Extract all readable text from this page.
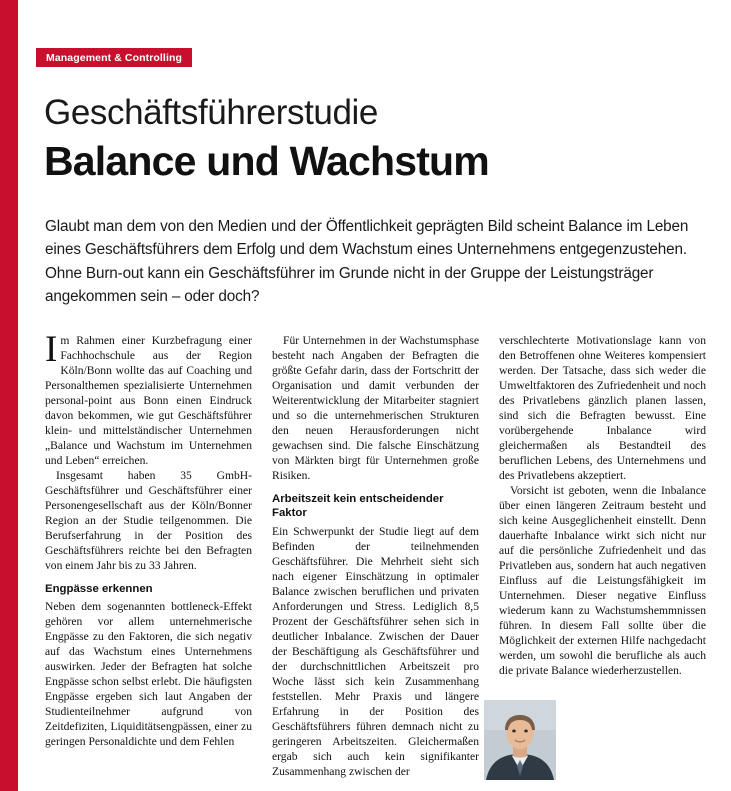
Management & Controlling
Geschäftsführerstudie
Balance und Wachstum
Glaubt man dem von den Medien und der Öffentlichkeit geprägten Bild scheint Balance im Leben eines Geschäftsführers dem Erfolg und dem Wachstum eines Unternehmens entgegenzustehen. Ohne Burn-out kann ein Geschäftsführer im Grunde nicht in der Gruppe der Leistungsträger angekommen sein – oder doch?

Im Rahmen einer Kurzbefragung einer Fachhochschule aus der Region Köln/Bonn wollte das auf Coaching und Personalthemen spezialisierte Unternehmen personal-point aus Bonn einen Eindruck davon bekommen, wie gut Geschäftsführer klein- und mittelständischer Unternehmen „Balance und Wachstum im Unternehmen und Leben“ erreichen.

Insgesamt haben 35 GmbH-Geschäftsführer und Geschäftsführer einer Personengesellschaft aus der Köln/Bonner Region an der Studie teilgenommen. Die Berufserfahrung in der Position des Geschäftsführers reichte bei den Befragten von einem Jahr bis zu 33 Jahren.

Engpässe erkennen

Neben dem sogenannten bottleneck-Effekt gehören vor allem unternehmerische Engpässe zu den Faktoren, die sich negativ auf das Wachstum eines Unternehmens auswirken. Jeder der Befragten hat solche Engpässe schon selbst erlebt. Die häufigsten Engpässe ergeben sich laut Angaben der Studienteilnehmer aufgrund von Zeitdefiziten, Liquiditätsengpässen, einer zu geringen Personaldichte und dem Fehlen

Für Unternehmen in der Wachstumsphase besteht nach Angaben der Befragten die größte Gefahr darin, dass der Fortschritt der Organisation und damit verbunden der Weiterentwicklung der Mitarbeiter stagniert und so die unternehmerischen Strukturen den neuen Herausforderungen nicht gewachsen sind. Die falsche Einschätzung von Märkten birgt für Unternehmen große Risiken.

Arbeitszeit kein entscheidender Faktor

Ein Schwerpunkt der Studie liegt auf dem Befinden der teilnehmenden Geschäftsführer. Die Mehrheit sieht sich nach eigener Einschätzung in optimaler Balance zwischen beruflichen und privaten Anforderungen und Stress. Lediglich 8,5 Prozent der Geschäftsführer sehen sich in deutlicher Inbalance. Zwischen der Dauer der Beschäftigung als Geschäftsführer und der durchschnittlichen Arbeitszeit pro Woche lässt sich kein Zusammenhang feststellen. Mehr Praxis und längere Erfahrung in der Position des Geschäftsführers führen demnach nicht zu geringeren Arbeitszeiten. Gleichermaßen ergab sich auch kein signifikanter Zusammenhang zwischen der

verschlechterte Motivationslage kann von den Betroffenen ohne Weiteres kompensiert werden. Der Tatsache, dass sich weder die Umweltfaktoren des Zufriedenheit und noch des Privatlebens gänzlich planen lassen, sind sich die Befragten bewusst. Eine vorübergehende Inbalance wird gleichermaßen als Bestandteil des beruflichen Lebens, des Unternehmens und des Privatlebens akzeptiert.

Vorsicht ist geboten, wenn die Inbalance über einen längeren Zeitraum besteht und sich keine Ausgeglichenheit einstellt. Denn dauerhafte Inbalance wirkt sich nicht nur auf die persönliche Zufriedenheit und das Privatleben aus, sondern hat auch negativen Einfluss auf die Leistungsfähigkeit im Unternehmen. Dieser negative Einfluss wiederum kann zu Wachstumshemmnissen führen. In diesem Fall sollte über die Möglichkeit der externen Hilfe nachgedacht werden, um sowohl die berufliche als auch die private Balance wiederherzustellen.
